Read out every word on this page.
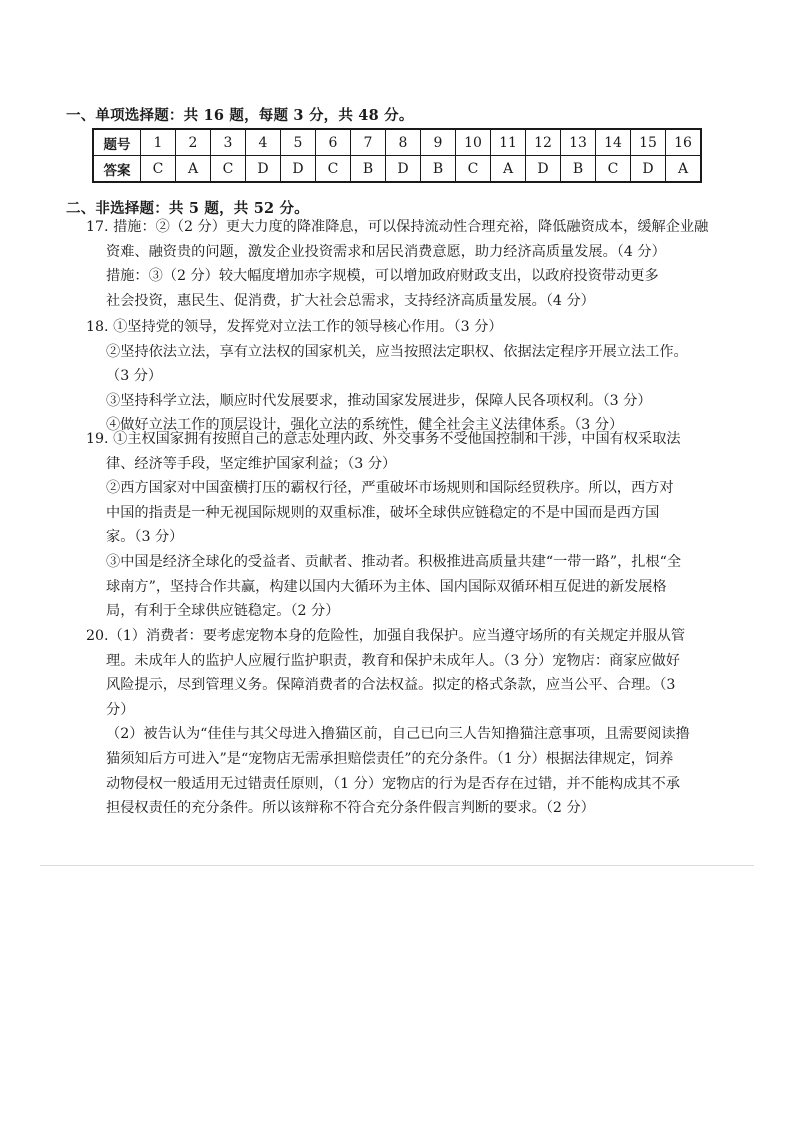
一、单项选择题：共 16 题，每题 3 分，共 48 分。
题号	1	2	3	4	5	6	7	8	9	10	11	12	13	14	15	16
答案	C	A	C	D	D	C	B	D	B	C	A	D	B	C	D	A
二、非选择题：共 5 题，共 52 分。
17. 措施：②（2 分）更大力度的降准降息，可以保持流动性合理充裕，降低融资成本，缓解企业融
资难、融资贵的问题，激发企业投资需求和居民消费意愿，助力经济高质量发展。（4 分）
措施：③（2 分）较大幅度增加赤字规模，可以增加政府财政支出，以政府投资带动更多
社会投资，惠民生、促消费，扩大社会总需求，支持经济高质量发展。（4 分）
18. ①坚持党的领导，发挥党对立法工作的领导核心作用。（3 分）
②坚持依法立法，享有立法权的国家机关，应当按照法定职权、依据法定程序开展立法工作。
（3 分）
③坚持科学立法，顺应时代发展要求，推动国家发展进步，保障人民各项权利。（3 分）
④做好立法工作的顶层设计，强化立法的系统性，健全社会主义法律体系。（3 分）
19. ①主权国家拥有按照自己的意志处理内政、外交事务不受他国控制和干涉，中国有权采取法
律、经济等手段，坚定维护国家利益；（3 分）
②西方国家对中国蛮横打压的霸权行径，严重破坏市场规则和国际经贸秩序。所以，西方对
中国的指责是一种无视国际规则的双重标准，破坏全球供应链稳定的不是中国而是西方国
家。（3 分）
③中国是经济全球化的受益者、贡献者、推动者。积极推进高质量共建“一带一路”，扎根“全
球南方”，坚持合作共赢，构建以国内大循环为主体、国内国际双循环相互促进的新发展格
局，有利于全球供应链稳定。（2 分）
20.（1）消费者：要考虑宠物本身的危险性，加强自我保护。应当遵守场所的有关规定并服从管
理。未成年人的监护人应履行监护职责，教育和保护未成年人。（3 分）宠物店：商家应做好
风险提示，尽到管理义务。保障消费者的合法权益。拟定的格式条款，应当公平、合理。（3
分）
（2）被告认为“佳佳与其父母进入撸猫区前，自己已向三人告知撸猫注意事项，且需要阅读撸
猫须知后方可进入”是“宠物店无需承担赔偿责任”的充分条件。（1 分）根据法律规定，饲养
动物侵权一般适用无过错责任原则，（1 分）宠物店的行为是否存在过错，并不能构成其不承
担侵权责任的充分条件。所以该辩称不符合充分条件假言判断的要求。（2 分）
